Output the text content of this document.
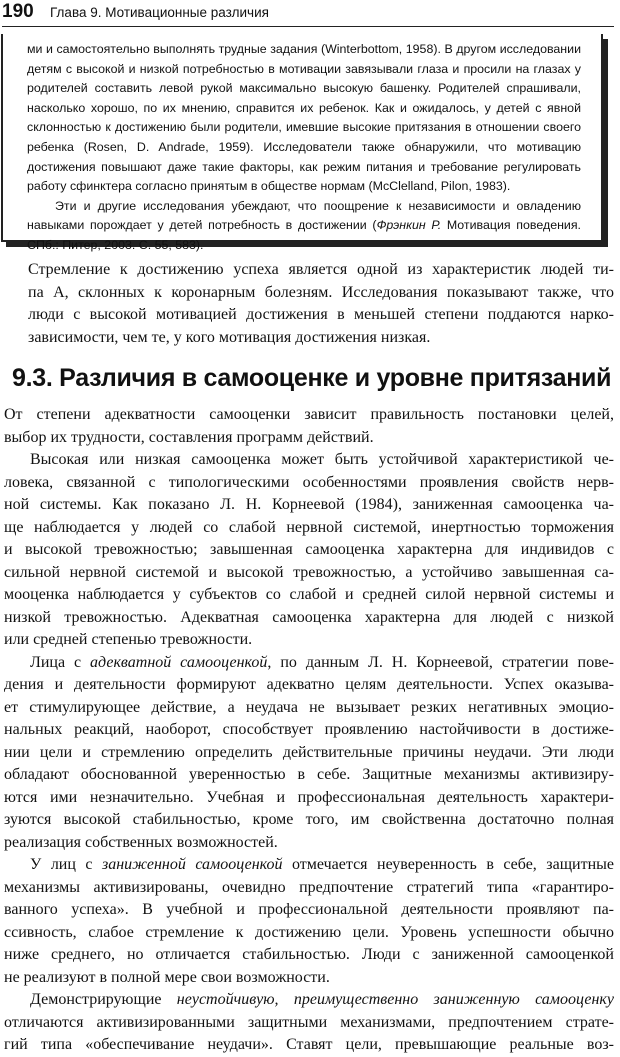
190 Глава 9. Мотивационные различия

ми и самостоятельно выполнять трудные задания (Winterbottom, 1958). В другом исследовании детям с высокой и низкой потребностью в мотивации завязывали глаза и просили на глазах у родителей составить левой рукой максимально высокую башенку. Родителей спрашивали, насколько хорошо, по их мнению, справится их ребенок. Как и ожидалось, у детей с явной склонностью к достижению были родители, имевшие высокие притязания в отношении своего ребенка (Rosen, D. Andrade, 1959). Исследователи также обнаружили, что мотивацию достижения повышают даже такие факторы, как режим питания и требование регулировать работу сфинктера согласно принятым в обществе нормам (McClelland, Pilon, 1983).

Эти и другие исследования убеждают, что поощрение к независимости и овладению навыками порождает у детей потребность в достижении (Фрэнкин Р. Мотивация поведения. СПб.: Питер, 2003. С. 55, 583).

Стремление к достижению успеха является одной из характеристик людей ти-
па А, склонных к коронарным болезням. Исследования показывают также, что
люди с высокой мотивацией достижения в меньшей степени поддаются нарко-
зависимости, чем те, у кого мотивация достижения низкая.
9.3. Различия в самооценке и уровне притязаний
От степени адекватности самооценки зависит правильность постановки целей,
выбор их трудности, составления программ действий.
Высокая или низкая самооценка может быть устойчивой характеристикой че-
ловека, связанной с типологическими особенностями проявления свойств нерв-
ной системы. Как показано Л. Н. Корнеевой (1984), заниженная самооценка ча-
ще наблюдается у людей со слабой нервной системой, инертностью торможения
и высокой тревожностью; завышенная самооценка характерна для индивидов с
сильной нервной системой и высокой тревожностью, а устойчиво завышенная са-
мооценка наблюдается у субъектов со слабой и средней силой нервной системы и
низкой тревожностью. Адекватная самооценка характерна для людей с низкой
или средней степенью тревожности.
Лица с адекватной самооценкой, по данным Л. Н. Корнеевой, стратегии пове-
дения и деятельности формируют адекватно целям деятельности. Успех оказыва-
ет стимулирующее действие, а неудача не вызывает резких негативных эмоцио-
нальных реакций, наоборот, способствует проявлению настойчивости в достиже-
нии цели и стремлению определить действительные причины неудачи. Эти люди
обладают обоснованной уверенностью в себе. Защитные механизмы активизиру-
ются ими незначительно. Учебная и профессиональная деятельность характери-
зуются высокой стабильностью, кроме того, им свойственна достаточно полная
реализация собственных возможностей.
У лиц с заниженной самооценкой отмечается неуверенность в себе, защитные
механизмы активизированы, очевидно предпочтение стратегий типа «гарантиро-
ванного успеха». В учебной и профессиональной деятельности проявляют па-
ссивность, слабое стремление к достижению цели. Уровень успешности обычно
ниже среднего, но отличается стабильностью. Люди с заниженной самооценкой
не реализуют в полной мере свои возможности.
Демонстрирующие неустойчивую, преимущественно заниженную самооценку
отличаются активизированными защитными механизмами, предпочтением страте-
гий типа «обеспечивание неудачи». Ставят цели, превышающие реальные воз-
